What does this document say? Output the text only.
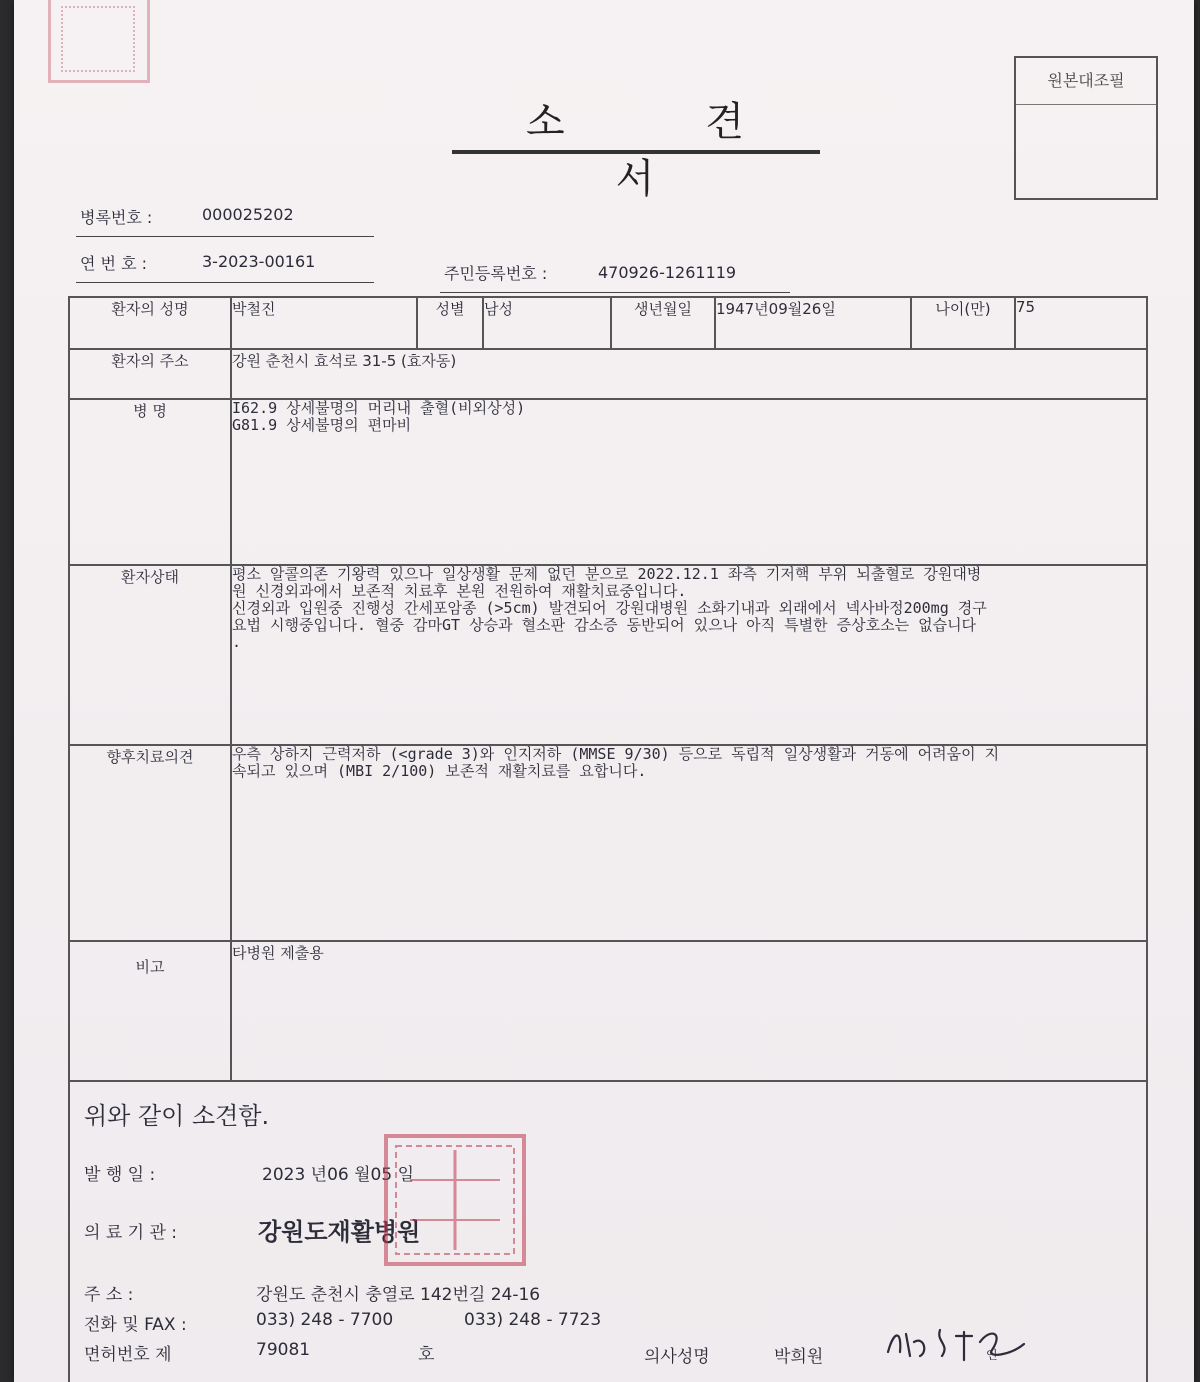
원본대조필
소 견 서
병록번호 :	000025202
연 번 호 :	3-2023-00161
주민등록번호 :	470926-1261119
환자의 성명	박철진	성별	남성	생년월일	1947년09월26일	나이(만)	75
환자의 주소	강원 춘천시 효석로 31-5 (효자동)						
병 명	I62.9 상세불명의 머리내 출혈(비외상성)
G81.9 상세불명의 편마비						

환자상태	평소 알콜의존 기왕력 있으나 일상생활 문제 없던 분으로 2022.12.1 좌측 기저핵 부위 뇌출혈로 강원대병
원 신경외과에서 보존적 치료후 본원 전원하여 재활치료중입니다.
신경외과 입원중 진행성 간세포암종 (>5cm) 발견되어 강원대병원 소화기내과 외래에서 넥사바정200mg 경구
요법 시행중입니다. 혈중 감마GT 상승과 혈소판 감소증 동반되어 있으나 아직 특별한 증상호소는 없습니다
.						

향후치료의견	우측 상하지 근력저하 (<grade 3)와 인지저하 (MMSE 9/30) 등으로 독립적 일상생활과 거동에 어려움이 지
속되고 있으며 (MBI 2/100) 보존적 재활치료를 요합니다.						

비고	타병원 제출용						
위와 같이 소견함.
발 행 일 :	2023 년06 월05 일
의 료 기 관 :	강원도재활병원
주 소 :	강원도 춘천시 충열로 142번길 24-16
전화 및 FAX :	033) 248 - 7700	033) 248 - 7723
면허번호 제	79081	호	의사성명	박희원	인
